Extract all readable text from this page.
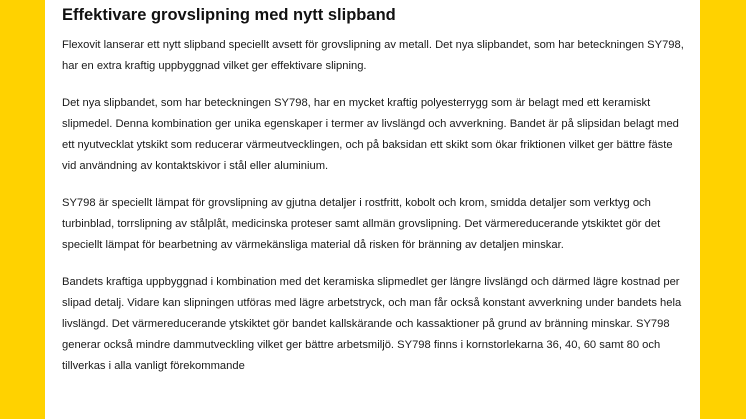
Effektivare grovslipning med nytt slipband

Flexovit lanserar ett nytt slipband speciellt avsett för grovslipning av metall. Det nya slipbandet, som har beteckningen SY798, har en extra kraftig uppbyggnad vilket ger effektivare slipning.

Det nya slipbandet, som har beteckningen SY798, har en mycket kraftig polyesterrygg som är belagt med ett keramiskt slipmedel. Denna kombination ger unika egenskaper i termer av livslängd och avverkning. Bandet är på slipsidan belagt med ett nyutvecklat ytskikt som reducerar värmeutvecklingen, och på baksidan ett skikt som ökar friktionen vilket ger bättre fäste vid användning av kontaktskivor i stål eller aluminium.

SY798 är speciellt lämpat för grovslipning av gjutna detaljer i rostfritt, kobolt och krom, smidda detaljer som verktyg och turbinblad, torrslipning av stålplåt, medicinska proteser samt allmän grovslipning. Det värmereducerande ytskiktet gör det speciellt lämpat för bearbetning av värmekänsliga material då risken för bränning av detaljen minskar.

Bandets kraftiga uppbyggnad i kombination med det keramiska slipmedlet ger längre livslängd och därmed lägre kostnad per slipad detalj. Vidare kan slipningen utföras med lägre arbetstryck, och man får också konstant avverkning under bandets hela livslängd. Det värmereducerande ytskiktet gör bandet kallskärande och kassaktioner på grund av bränning minskar. SY798 generar också mindre dammutveckling vilket ger bättre arbetsmiljö. SY798 finns i kornstorlekarna 36, 40, 60 samt 80 och tillverkas i alla vanligt förekommande
